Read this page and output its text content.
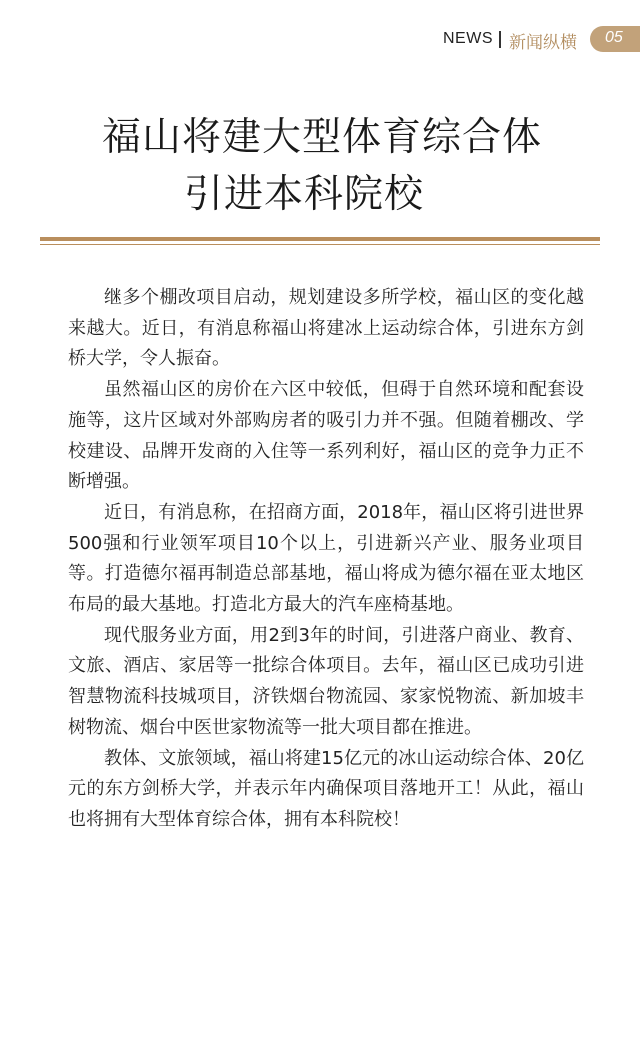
NEWS 新闻纵横 05
福山将建大型体育综合体
引进本科院校

继多个棚改项目启动，规划建设多所学校，福山区的变化越来越大。近日，有消息称福山将建冰上运动综合体，引进东方剑桥大学，令人振奋。

虽然福山区的房价在六区中较低，但碍于自然环境和配套设施等，这片区域对外部购房者的吸引力并不强。但随着棚改、学校建设、品牌开发商的入住等一系列利好，福山区的竞争力正不断增强。

近日，有消息称，在招商方面，2018年，福山区将引进世界500强和行业领军项目10个以上，引进新兴产业、服务业项目等。打造德尔福再制造总部基地，福山将成为德尔福在亚太地区布局的最大基地。打造北方最大的汽车座椅基地。

现代服务业方面，用2到3年的时间，引进落户商业、教育、文旅、酒店、家居等一批综合体项目。去年，福山区已成功引进智慧物流科技城项目，济铁烟台物流园、家家悦物流、新加坡丰树物流、烟台中医世家物流等一批大项目都在推进。

教体、文旅领域，福山将建15亿元的冰山运动综合体、20亿元的东方剑桥大学，并表示年内确保项目落地开工！从此，福山也将拥有大型体育综合体，拥有本科院校！
